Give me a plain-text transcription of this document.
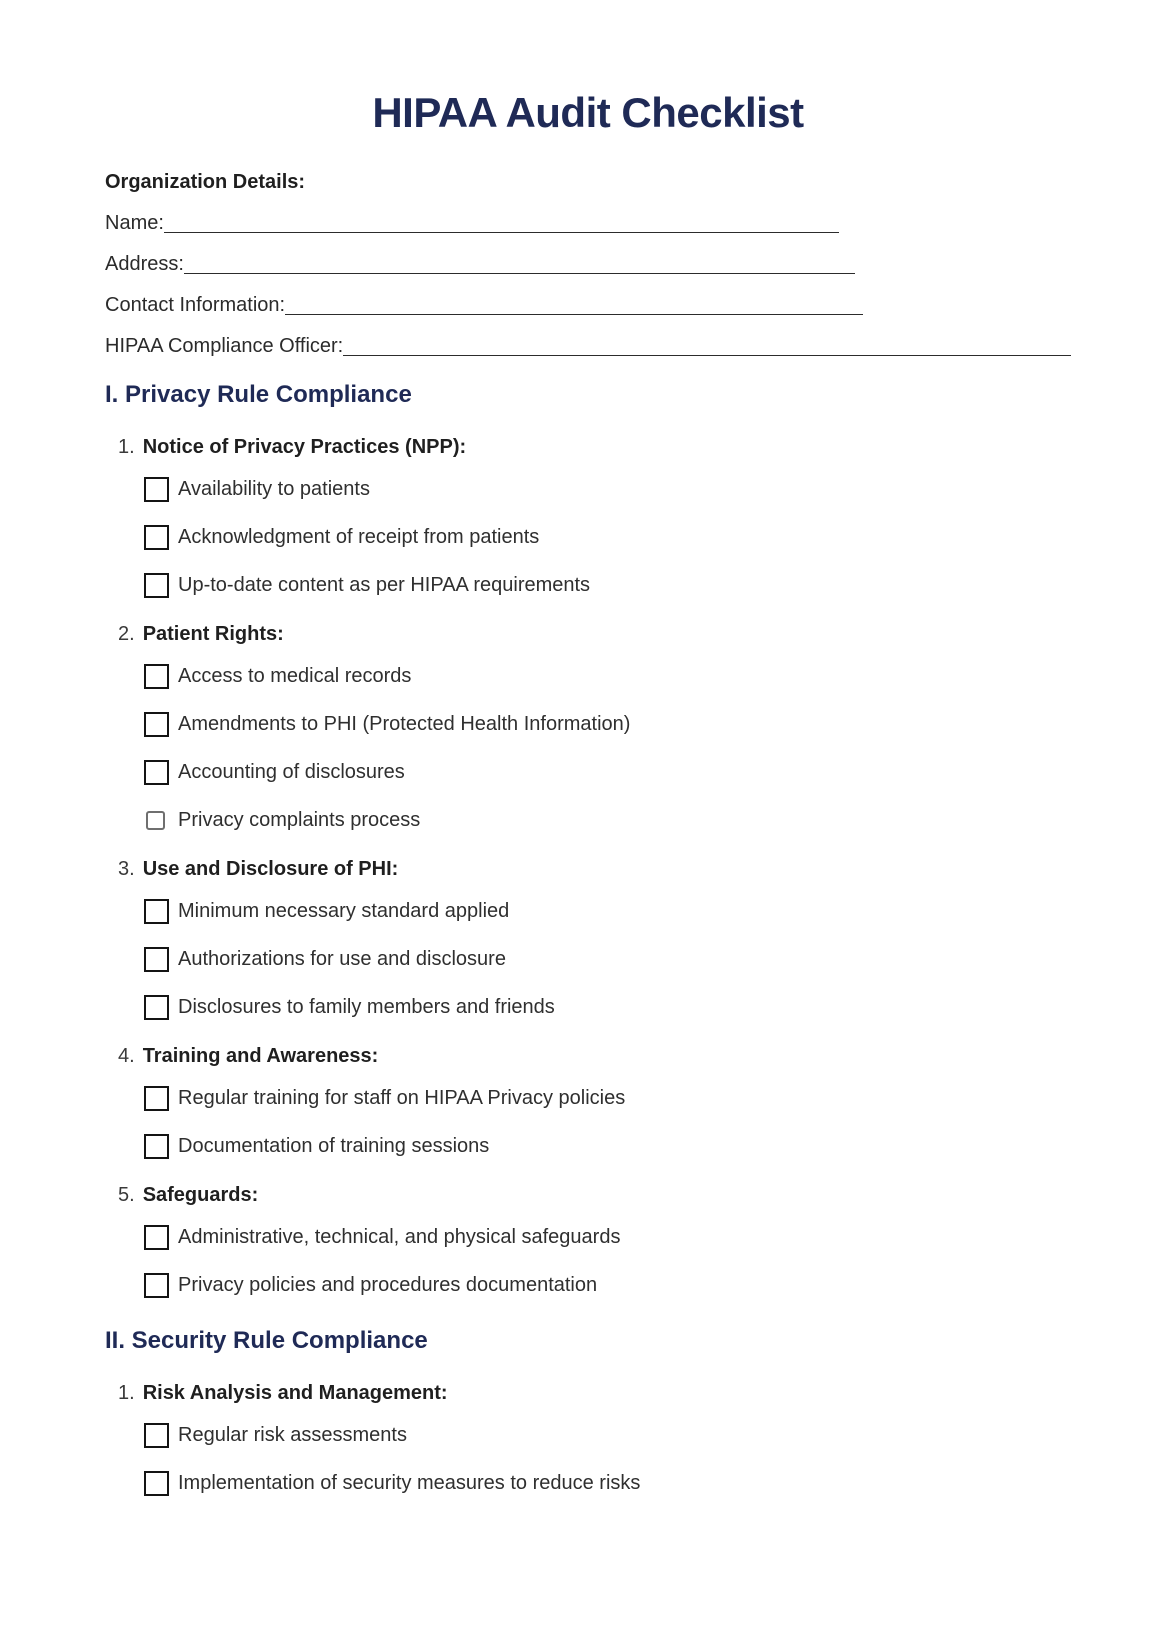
HIPAA Audit Checklist
Organization Details:
Name:
Address:
Contact Information:
HIPAA Compliance Officer:
I. Privacy Rule Compliance
1. Notice of Privacy Practices (NPP):
Availability to patients
Acknowledgment of receipt from patients
Up-to-date content as per HIPAA requirements
2. Patient Rights:
Access to medical records
Amendments to PHI (Protected Health Information)
Accounting of disclosures
Privacy complaints process
3. Use and Disclosure of PHI:
Minimum necessary standard applied
Authorizations for use and disclosure
Disclosures to family members and friends
4. Training and Awareness:
Regular training for staff on HIPAA Privacy policies
Documentation of training sessions
5. Safeguards:
Administrative, technical, and physical safeguards
Privacy policies and procedures documentation
II. Security Rule Compliance
1. Risk Analysis and Management:
Regular risk assessments
Implementation of security measures to reduce risks
